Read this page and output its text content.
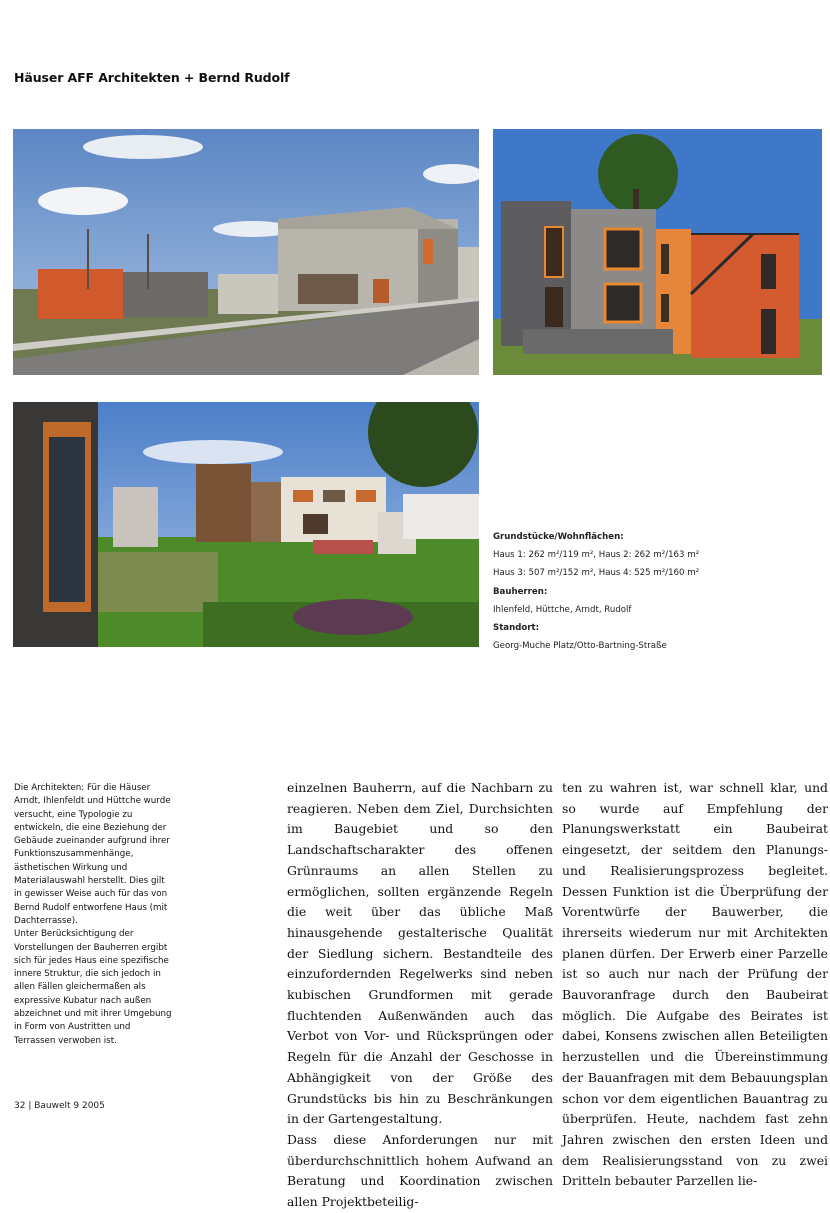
Häuser AFF Architekten + Bernd Rudolf
Grundstücke/Wohnflächen:
Haus 1: 262 m²/119 m², Haus 2: 262 m²/163 m²
Haus 3: 507 m²/152 m², Haus 4: 525 m²/160 m²
Bauherren:
Ihlenfeld, Hüttche, Arndt, Rudolf
Standort:
Georg-Muche Platz/Otto-Bartning-Straße

Die Architekten: Für die Häuser Arndt, Ihlenfeldt und Hüttche wurde versucht, eine Typologie zu entwickeln, die eine Beziehung der Gebäude zueinander aufgrund ihrer Funktionszusammenhänge, ästhetischen Wirkung und Materialauswahl herstellt. Dies gilt in gewisser Weise auch für das von Bernd Rudolf entworfene Haus (mit Dachterrasse).

Unter Berücksichtigung der Vorstellungen der Bauherren ergibt sich für jedes Haus eine spezifische innere Struktur, die sich jedoch in allen Fällen gleichermaßen als expressive Kubatur nach außen abzeichnet und mit ihrer Umgebung in Form von Austritten und Terrassen verwoben ist.

einzelnen Bauherrn, auf die Nachbarn zu reagieren. Neben dem Ziel, Durchsichten im Baugebiet und so den Landschaftscharakter des offenen Grünraums an allen Stellen zu ermöglichen, sollten ergänzende Regeln die weit über das übliche Maß hinausgehende gestalterische Qualität der Siedlung sichern. Bestandteile des einzufordernden Regelwerks sind neben kubischen Grundformen mit gerade fluchtenden Außenwänden auch das Verbot von Vor- und Rücksprüngen oder Regeln für die Anzahl der Geschosse in Abhängigkeit von der Größe des Grundstücks bis hin zu Beschränkungen in der Gartengestaltung.

Dass diese Anforderungen nur mit überdurchschnittlich hohem Aufwand an Beratung und Koordination zwischen allen Projektbeteilig-

ten zu wahren ist, war schnell klar, und so wurde auf Empfehlung der Planungswerkstatt ein Baubeirat eingesetzt, der seitdem den Planungs- und Realisierungsprozess begleitet. Dessen Funktion ist die Überprüfung der Vorentwürfe der Bauwerber, die ihrerseits wiederum nur mit Architekten planen dürfen. Der Erwerb einer Parzelle ist so auch nur nach der Prüfung der Bauvoranfrage durch den Baubeirat möglich. Die Aufgabe des Beirates ist dabei, Konsens zwischen allen Beteiligten herzustellen und die Übereinstimmung der Bauanfragen mit dem Bebauungsplan schon vor dem eigentlichen Bauantrag zu überprüfen. Heute, nachdem fast zehn Jahren zwischen den ersten Ideen und dem Realisierungsstand von zu zwei Dritteln bebauter Parzellen lie-

32 | Bauwelt 9 2005
